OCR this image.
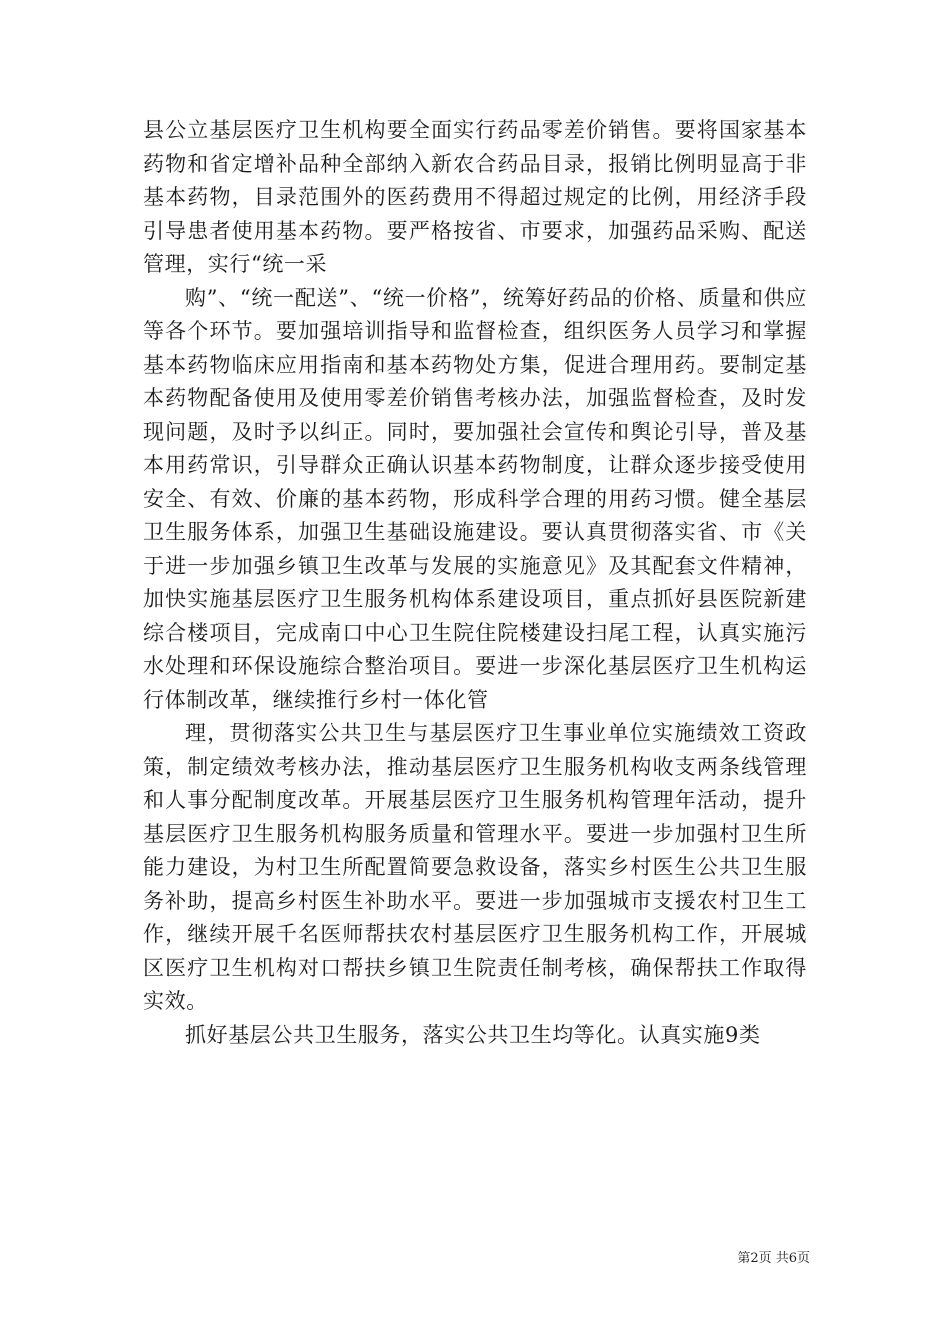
县公立基层医疗卫生机构要全面实行药品零差价销售。要将国家基本药物和省定增补品种全部纳入新农合药品目录，报销比例明显高于非基本药物，目录范围外的医药费用不得超过规定的比例，用经济手段引导患者使用基本药物。要严格按省、市要求，加强药品采购、配送管理，实行“统一采

购”、“统一配送”、“统一价格”，统筹好药品的价格、质量和供应等各个环节。要加强培训指导和监督检查，组织医务人员学习和掌握基本药物临床应用指南和基本药物处方集，促进合理用药。要制定基本药物配备使用及使用零差价销售考核办法，加强监督检查，及时发现问题，及时予以纠正。同时，要加强社会宣传和舆论引导，普及基本用药常识，引导群众正确认识基本药物制度，让群众逐步接受使用安全、有效、价廉的基本药物，形成科学合理的用药习惯。健全基层卫生服务体系，加强卫生基础设施建设。要认真贯彻落实省、市《关于进一步加强乡镇卫生改革与发展的实施意见》及其配套文件精神，加快实施基层医疗卫生服务机构体系建设项目，重点抓好县医院新建综合楼项目，完成南口中心卫生院住院楼建设扫尾工程，认真实施污水处理和环保设施综合整治项目。要进一步深化基层医疗卫生机构运行体制改革，继续推行乡村一体化管

理，贯彻落实公共卫生与基层医疗卫生事业单位实施绩效工资政策，制定绩效考核办法，推动基层医疗卫生服务机构收支两条线管理和人事分配制度改革。开展基层医疗卫生服务机构管理年活动，提升基层医疗卫生服务机构服务质量和管理水平。要进一步加强村卫生所能力建设，为村卫生所配置简要急救设备，落实乡村医生公共卫生服务补助，提高乡村医生补助水平。要进一步加强城市支援农村卫生工作，继续开展千名医师帮扶农村基层医疗卫生服务机构工作，开展城区医疗卫生机构对口帮扶乡镇卫生院责任制考核，确保帮扶工作取得实效。

抓好基层公共卫生服务，落实公共卫生均等化。认真实施9类

第2页 共6页
